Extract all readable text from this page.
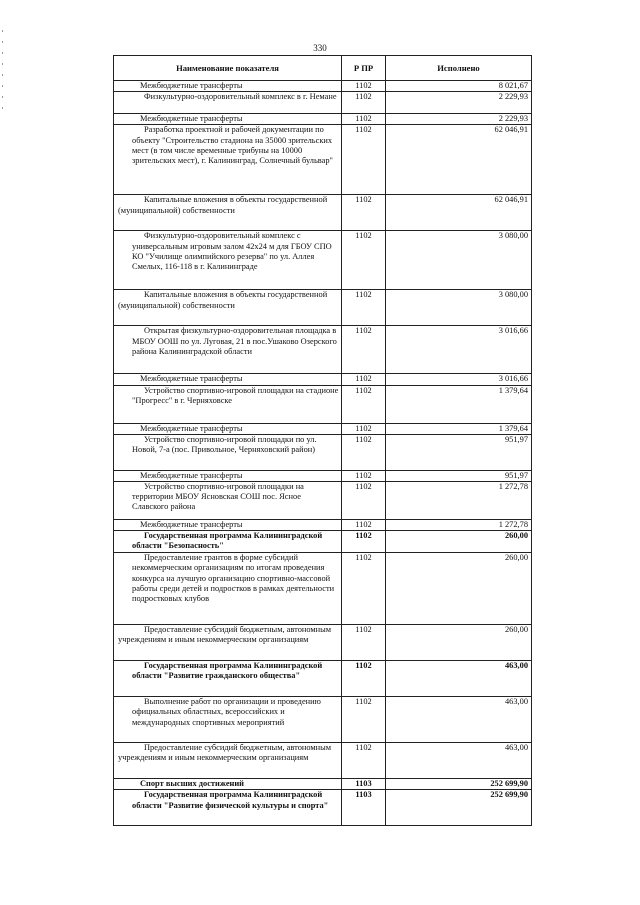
330
Наименование показателя	Р ПР	Исполнено
Межбюджетные трансферты	1102	8 021,67
Физкультурно-оздоровительный комплекс в г. Немане	1102	2 229,93
Межбюджетные трансферты	1102	2 229,93
Разработка проектной и рабочей документации по объекту "Строительство стадиона на 35000 зрительских мест (в том числе временные трибуны на 10000 зрительских мест), г. Калининград, Солнечный бульвар"	1102	62 046,91
Капитальные вложения в объекты государственной (муниципальной) собственности	1102	62 046,91
Физкультурно-оздоровительный комплекс с универсальным игровым залом 42х24 м для ГБОУ СПО КО "Училище олимпийского резерва" по ул. Аллея Смелых, 116-118 в г. Калининграде	1102	3 080,00
Капитальные вложения в объекты государственной (муниципальной) собственности	1102	3 080,00
Открытая физкультурно-оздоровительная площадка в МБОУ ООШ по ул. Луговая, 21 в пос.Ушаково Озерского района Калининградской области	1102	3 016,66
Межбюджетные трансферты	1102	3 016,66
Устройство спортивно-игровой площадки на стадионе "Прогресс" в г. Черняховске	1102	1 379,64
Межбюджетные трансферты	1102	1 379,64
Устройство спортивно-игровой площадки по ул. Новой, 7-а (пос. Привольное, Черняховский район)	1102	951,97
Межбюджетные трансферты	1102	951,97
Устройство спортивно-игровой площадки на территории МБОУ Ясновская СОШ пос. Ясное Славского района	1102	1 272,78
Межбюджетные трансферты	1102	1 272,78
Государственная программа Калининградской области "Безопасность"	1102	260,00
Предоставление грантов в форме субсидий некоммерческим организациям по итогам проведения конкурса на лучшую организацию спортивно-массовой работы среди детей и подростков в рамках деятельности подростковых клубов	1102	260,00
Предоставление субсидий бюджетным, автономным учреждениям и иным некоммерческим организациям	1102	260,00
Государственная программа Калининградской области "Развитие гражданского общества"	1102	463,00
Выполнение работ по организации и проведению официальных областных, всероссийских и международных спортивных мероприятий	1102	463,00
Предоставление субсидий бюджетным, автономным учреждениям и иным некоммерческим организациям	1102	463,00
Спорт высших достижений	1103	252 699,90
Государственная программа Калининградской области "Развитие физической культуры и спорта"	1103	252 699,90
